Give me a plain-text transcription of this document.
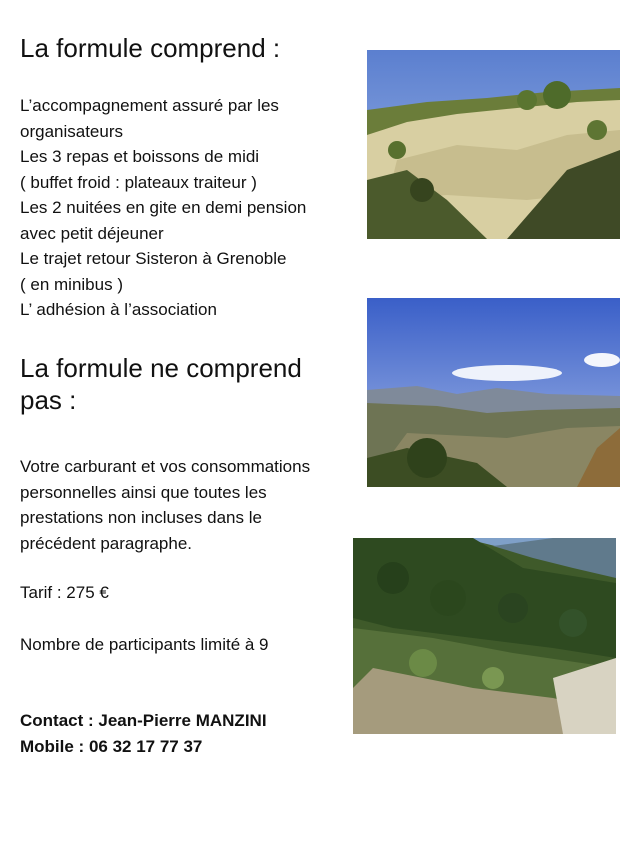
La formule comprend :
L’accompagnement assuré par les
organisateurs
Les 3 repas et boissons de midi
( buffet froid : plateaux traiteur )
Les 2 nuitées en gite en demi pension
avec petit déjeuner
Le trajet retour Sisteron à Grenoble
( en minibus )
L’ adhésion à l’association
La formule ne comprend
pas :
Votre carburant et vos consommations
personnelles ainsi que toutes les
prestations non incluses dans le
précédent paragraphe.
Tarif : 275 €
Nombre de participants limité à 9
Contact : Jean-Pierre MANZINI
Mobile : 06 32 17 77 37
